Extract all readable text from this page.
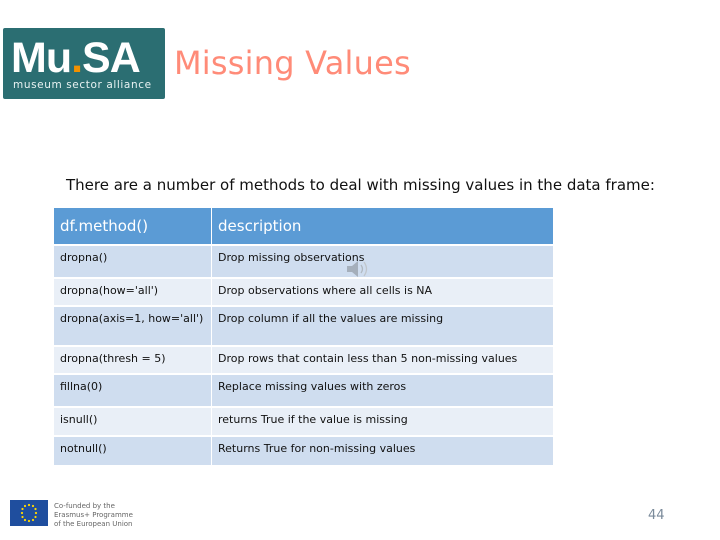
Mu.SA
museum sector alliance
Missing Values
There are a number of methods to deal with missing values in the data frame:
df.method()	description
dropna()	Drop missing observations
dropna(how='all')	Drop observations where all cells is NA
dropna(axis=1, how='all')	Drop column if all the values are missing
dropna(thresh = 5)	Drop rows that contain less than 5 non-missing values
fillna(0)	Replace missing values with zeros
isnull()	returns True if the value is missing
notnull()	Returns True for non-missing values
Co-funded by the
Erasmus+ Programme
of the European Union
44
